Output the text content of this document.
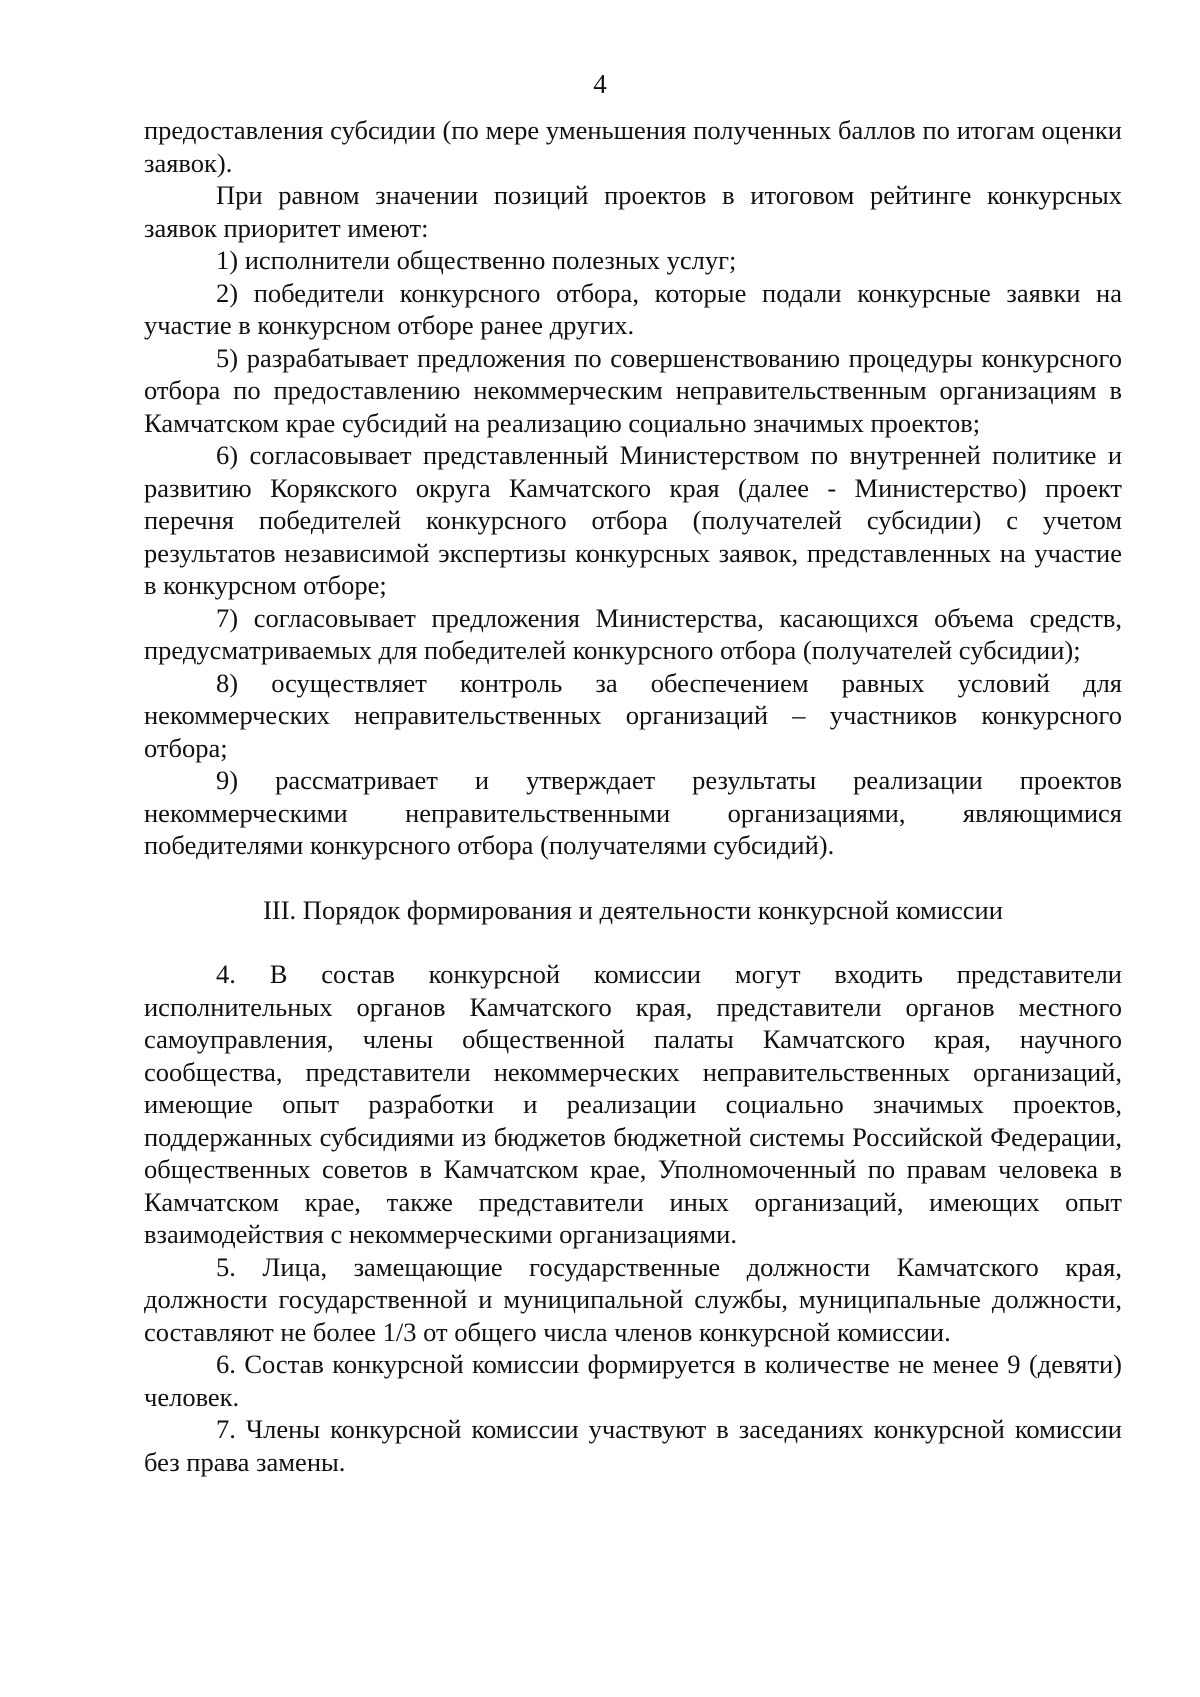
4

предоставления субсидии (по мере уменьшения полученных баллов по итогам оценки заявок).

При равном значении позиций проектов в итоговом рейтинге конкурсных заявок приоритет имеют:

1) исполнители общественно полезных услуг;

2) победители конкурсного отбора, которые подали конкурсные заявки на участие в конкурсном отборе ранее других.

5) разрабатывает предложения по совершенствованию процедуры конкурсного отбора по предоставлению некоммерческим неправительственным организациям в Камчатском крае субсидий на реализацию социально значимых проектов;

6) согласовывает представленный Министерством по внутренней политике и развитию Корякского округа Камчатского края (далее - Министерство) проект перечня победителей конкурсного отбора (получателей субсидии) с учетом результатов независимой экспертизы конкурсных заявок, представленных на участие в конкурсном отборе;

7) согласовывает предложения Министерства, касающихся объема средств, предусматриваемых для победителей конкурсного отбора (получателей субсидии);

8) осуществляет контроль за обеспечением равных условий для некоммерческих неправительственных организаций – участников конкурсного отбора;

9) рассматривает и утверждает результаты реализации проектов некоммерческими неправительственными организациями, являющимися победителями конкурсного отбора (получателями субсидий).

III. Порядок формирования и деятельности конкурсной комиссии

4. В состав конкурсной комиссии могут входить представители исполнительных органов Камчатского края, представители органов местного самоуправления, члены общественной палаты Камчатского края, научного сообщества, представители некоммерческих неправительственных организаций, имеющие опыт разработки и реализации социально значимых проектов, поддержанных субсидиями из бюджетов бюджетной системы Российской Федерации, общественных советов в Камчатском крае, Уполномоченный по правам человека в Камчатском крае, также представители иных организаций, имеющих опыт взаимодействия с некоммерческими организациями.

5. Лица, замещающие государственные должности Камчатского края, должности государственной и муниципальной службы, муниципальные должности, составляют не более 1/3 от общего числа членов конкурсной комиссии.

6. Состав конкурсной комиссии формируется в количестве не менее 9 (девяти) человек.

7. Члены конкурсной комиссии участвуют в заседаниях конкурсной комиссии без права замены.
